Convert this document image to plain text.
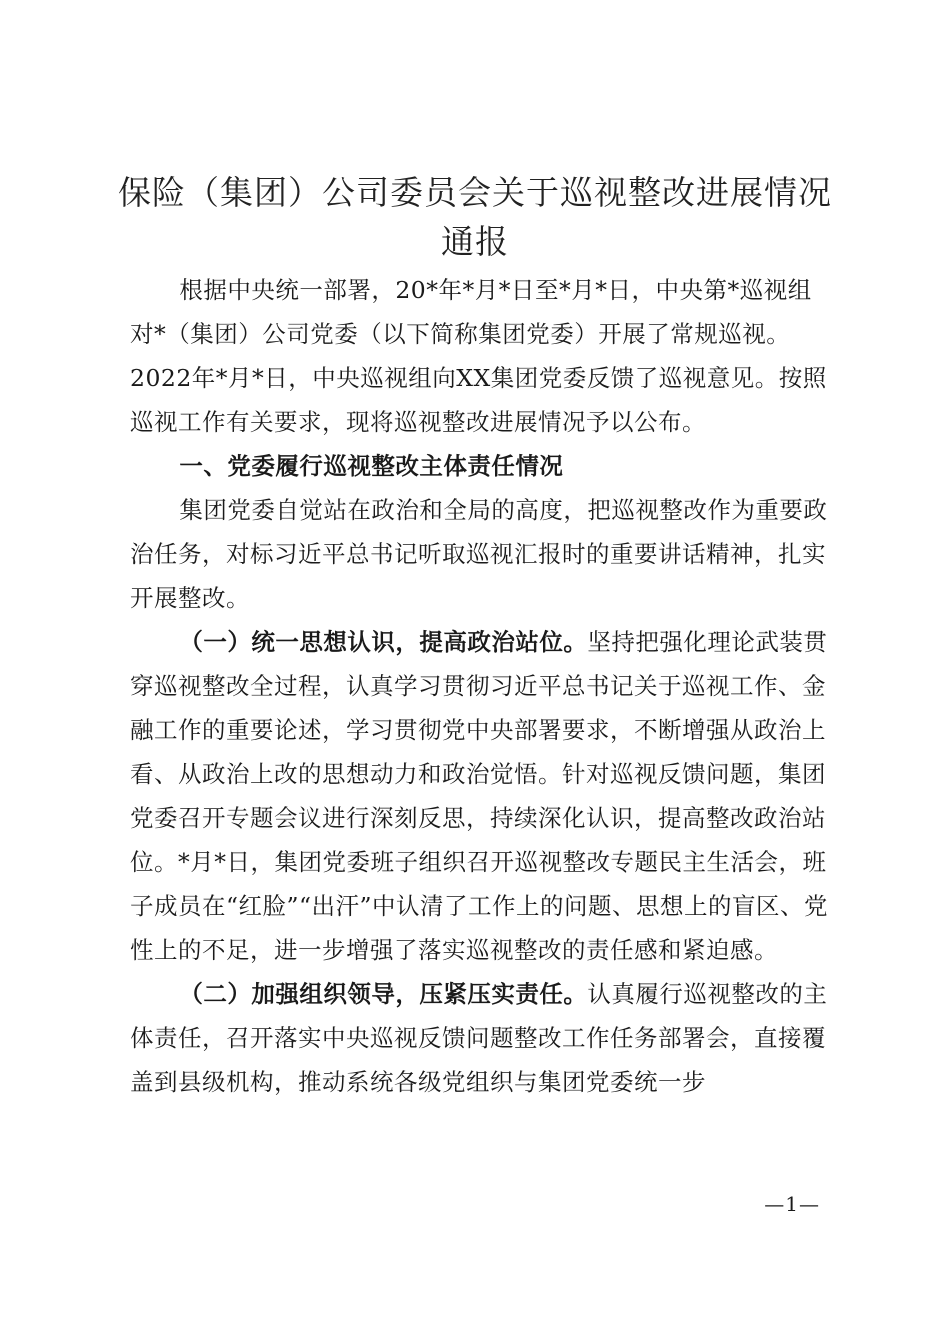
保险（集团）公司委员会关于巡视整改进展情况通报

根据中央统一部署，20*年*月*日至*月*日，中央第*巡视组对*（集团）公司党委（以下简称集团党委）开展了常规巡视。2022年*月*日，中央巡视组向XX集团党委反馈了巡视意见。按照巡视工作有关要求，现将巡视整改进展情况予以公布。

一、党委履行巡视整改主体责任情况

集团党委自觉站在政治和全局的高度，把巡视整改作为重要政治任务，对标习近平总书记听取巡视汇报时的重要讲话精神，扎实开展整改。

（一）统一思想认识，提高政治站位。坚持把强化理论武装贯穿巡视整改全过程，认真学习贯彻习近平总书记关于巡视工作、金融工作的重要论述，学习贯彻党中央部署要求，不断增强从政治上看、从政治上改的思想动力和政治觉悟。针对巡视反馈问题，集团党委召开专题会议进行深刻反思，持续深化认识，提高整改政治站位。*月*日，集团党委班子组织召开巡视整改专题民主生活会，班子成员在“红脸”“出汗”中认清了工作上的问题、思想上的盲区、党性上的不足，进一步增强了落实巡视整改的责任感和紧迫感。

（二）加强组织领导，压紧压实责任。认真履行巡视整改的主体责任，召开落实中央巡视反馈问题整改工作任务部署会，直接覆盖到县级机构，推动系统各级党组织与集团党委统一步

—1—
